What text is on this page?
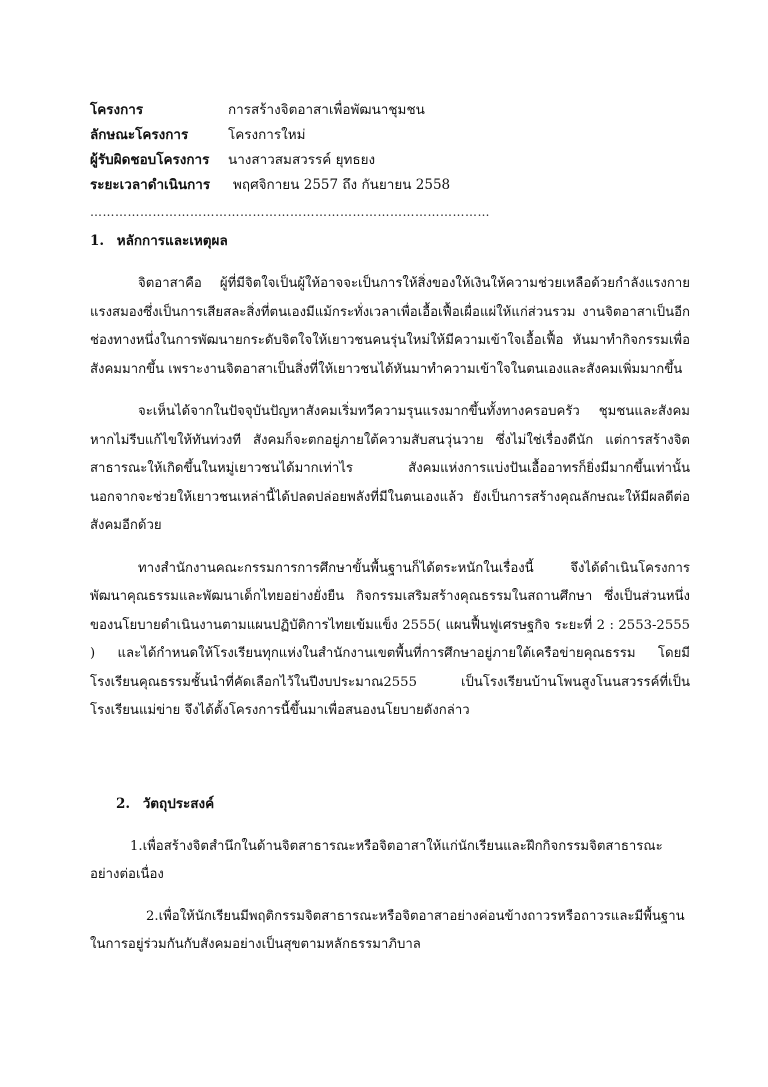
โครงการ	การสร้างจิตอาสาเพื่อพัฒนาชุมชน
ลักษณะโครงการ	โครงการใหม่
ผู้รับผิดชอบโครงการ	นางสาวสมสวรรค์ ยุทธยง
ระยะเวลาดำเนินการ	พฤศจิกายน 2557 ถึง กันยายน 2558
……………………………………………………………………………………
1. หลักการและเหตุผล

จิตอาสาคือ ผู้ที่มีจิตใจเป็นผู้ให้อาจจะเป็นการให้สิ่งของให้เงินให้ความช่วยเหลือด้วยกำลังแรงกายแรงสมองซึ่งเป็นการเสียสละสิ่งที่ตนเองมีแม้กระทั่งเวลาเพื่อเอื้อเฟื้อเผื่อแผ่ให้แก่ส่วนรวม งานจิตอาสาเป็นอีกช่องทางหนึ่งในการพัฒนายกระดับจิตใจให้เยาวชนคนรุ่นใหม่ให้มีความเข้าใจเอื้อเฟื้อ หันมาทำกิจกรรมเพื่อสังคมมากขึ้น เพราะงานจิตอาสาเป็นสิ่งที่ให้เยาวชนได้หันมาทำความเข้าใจในตนเองและสังคมเพิ่มมากขึ้น

จะเห็นได้จากในปัจจุบันปัญหาสังคมเริ่มทวีความรุนแรงมากขึ้นทั้งทางครอบครัว ชุมชนและสังคม หากไม่รีบแก้ไขให้ทันท่วงที สังคมก็จะตกอยู่ภายใต้ความสับสนวุ่นวาย ซึ่งไม่ใช่เรื่องดีนัก แต่การสร้างจิตสาธารณะให้เกิดขึ้นในหมู่เยาวชนได้มากเท่าไร สังคมแห่งการแบ่งปันเอื้ออาทรก็ยิ่งมีมากขึ้นเท่านั้น นอกจากจะช่วยให้เยาวชนเหล่านี้ได้ปลดปล่อยพลังที่มีในตนเองแล้ว ยังเป็นการสร้างคุณลักษณะให้มีผลดีต่อสังคมอีกด้วย

ทางสำนักงานคณะกรรมการการศึกษาขั้นพื้นฐานก็ได้ตระหนักในเรื่องนี้ จึงได้ดำเนินโครงการพัฒนาคุณธรรมและพัฒนาเด็กไทยอย่างยั่งยืน กิจกรรมเสริมสร้างคุณธรรมในสถานศึกษา ซึ่งเป็นส่วนหนึ่งของนโยบายดำเนินงานตามแผนปฏิบัติการไทยเข้มแข็ง 2555( แผนฟื้นฟูเศรษฐกิจ ระยะที่ 2 : 2553-2555 ) และได้กำหนดให้โรงเรียนทุกแห่งในสำนักงานเขตพื้นที่การศึกษาอยู่ภายใต้เครือข่ายคุณธรรม โดยมีโรงเรียนคุณธรรมชั้นนำที่คัดเลือกไว้ในปีงบประมาณ2555 เป็นโรงเรียนบ้านโพนสูงโนนสวรรค์ที่เป็นโรงเรียนแม่ข่าย จึงได้ตั้งโครงการนี้ขึ้นมาเพื่อสนองนโยบายดังกล่าว

2. วัตถุประสงค์

1.เพื่อสร้างจิตสำนึกในด้านจิตสาธารณะหรือจิตอาสาให้แก่นักเรียนและฝึกกิจกรรมจิตสาธารณะอย่างต่อเนื่อง

2.เพื่อให้นักเรียนมีพฤติกรรมจิตสาธารณะหรือจิตอาสาอย่างค่อนข้างถาวรหรือถาวรและมีพื้นฐานในการอยู่ร่วมกันกับสังคมอย่างเป็นสุขตามหลักธรรมาภิบาล
